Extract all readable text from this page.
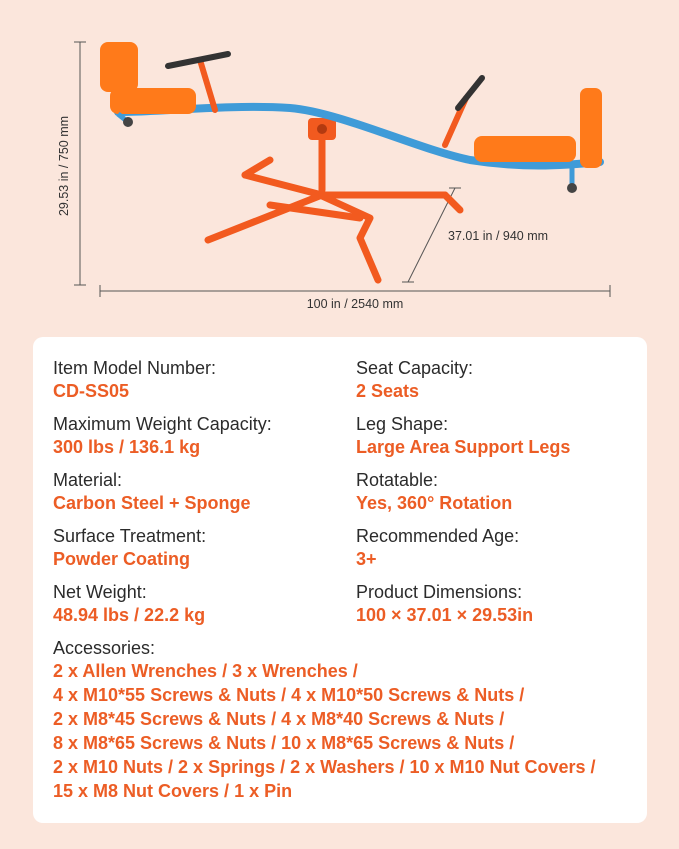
29.53 in / 750 mm
37.01 in / 940 mm
100 in / 2540 mm
Item Model Number:
CD-SS05
Seat Capacity:
2 Seats
Maximum Weight Capacity:
300 lbs / 136.1 kg
Leg Shape:
Large Area Support Legs
Material:
Carbon Steel + Sponge
Rotatable:
Yes, 360° Rotation
Surface Treatment:
Powder Coating
Recommended Age:
3+
Net Weight:
48.94 lbs / 22.2 kg
Product Dimensions:
100 × 37.01 × 29.53in
Accessories:
2 x Allen Wrenches / 3 x Wrenches /
4 x M10*55 Screws & Nuts / 4 x M10*50 Screws & Nuts /
2 x M8*45 Screws & Nuts / 4 x M8*40 Screws & Nuts /
8 x M8*65 Screws & Nuts / 10 x M8*65 Screws & Nuts /
2 x M10 Nuts / 2 x Springs / 2 x Washers / 10 x M10 Nut Covers /
15 x M8 Nut Covers / 1 x Pin
